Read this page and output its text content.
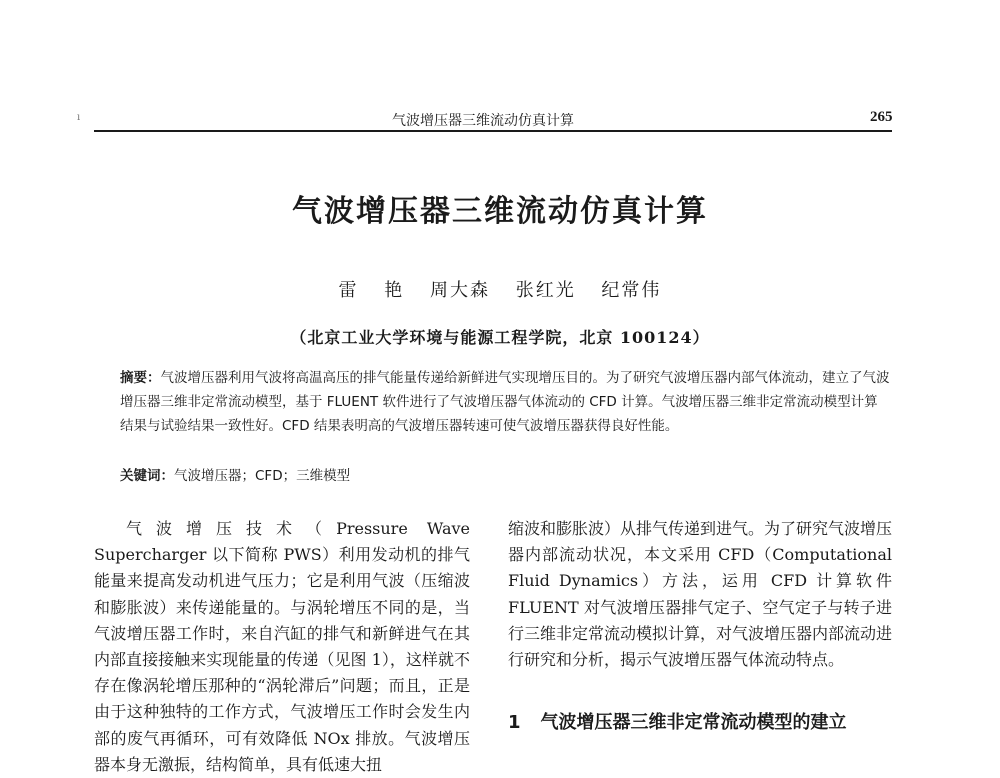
ı	气波增压器三维流动仿真计算	265
气波增压器三维流动仿真计算
雷 艳 周大森 张红光 纪常伟
（北京工业大学环境与能源工程学院，北京 100124）
摘要：气波增压器利用气波将高温高压的排气能量传递给新鲜进气实现增压目的。为了研究气波增压器内部气体流动，建立了气波增压器三维非定常流动模型，基于 FLUENT 软件进行了气波增压器气体流动的 CFD 计算。气波增压器三维非定常流动模型计算结果与试验结果一致性好。CFD 结果表明高的气波增压器转速可使气波增压器获得良好性能。
关键词：气波增压器；CFD；三维模型

气波增压技术（Pressure Wave Supercharger 以下简称 PWS）利用发动机的排气能量来提高发动机进气压力；它是利用气波（压缩波和膨胀波）来传递能量的。与涡轮增压不同的是，当气波增压器工作时，来自汽缸的排气和新鲜进气在其内部直接接触来实现能量的传递（见图 1），这样就不存在像涡轮增压那种的“涡轮滞后”问题；而且，正是由于这种独特的工作方式，气波增压工作时会发生内部的废气再循环，可有效降低 NOx 排放。气波增压器本身无激振，结构简单，具有低速大扭

缩波和膨胀波）从排气传递到进气。为了研究气波增压器内部流动状况，本文采用 CFD（Computational Fluid Dynamics）方法，运用 CFD 计算软件 FLUENT 对气波增压器排气定子、空气定子与转子进行三维非定常流动模拟计算，对气波增压器内部流动进行研究和分析，揭示气波增压器气体流动特点。

1 气波增压器三维非定常流动模型的建立
